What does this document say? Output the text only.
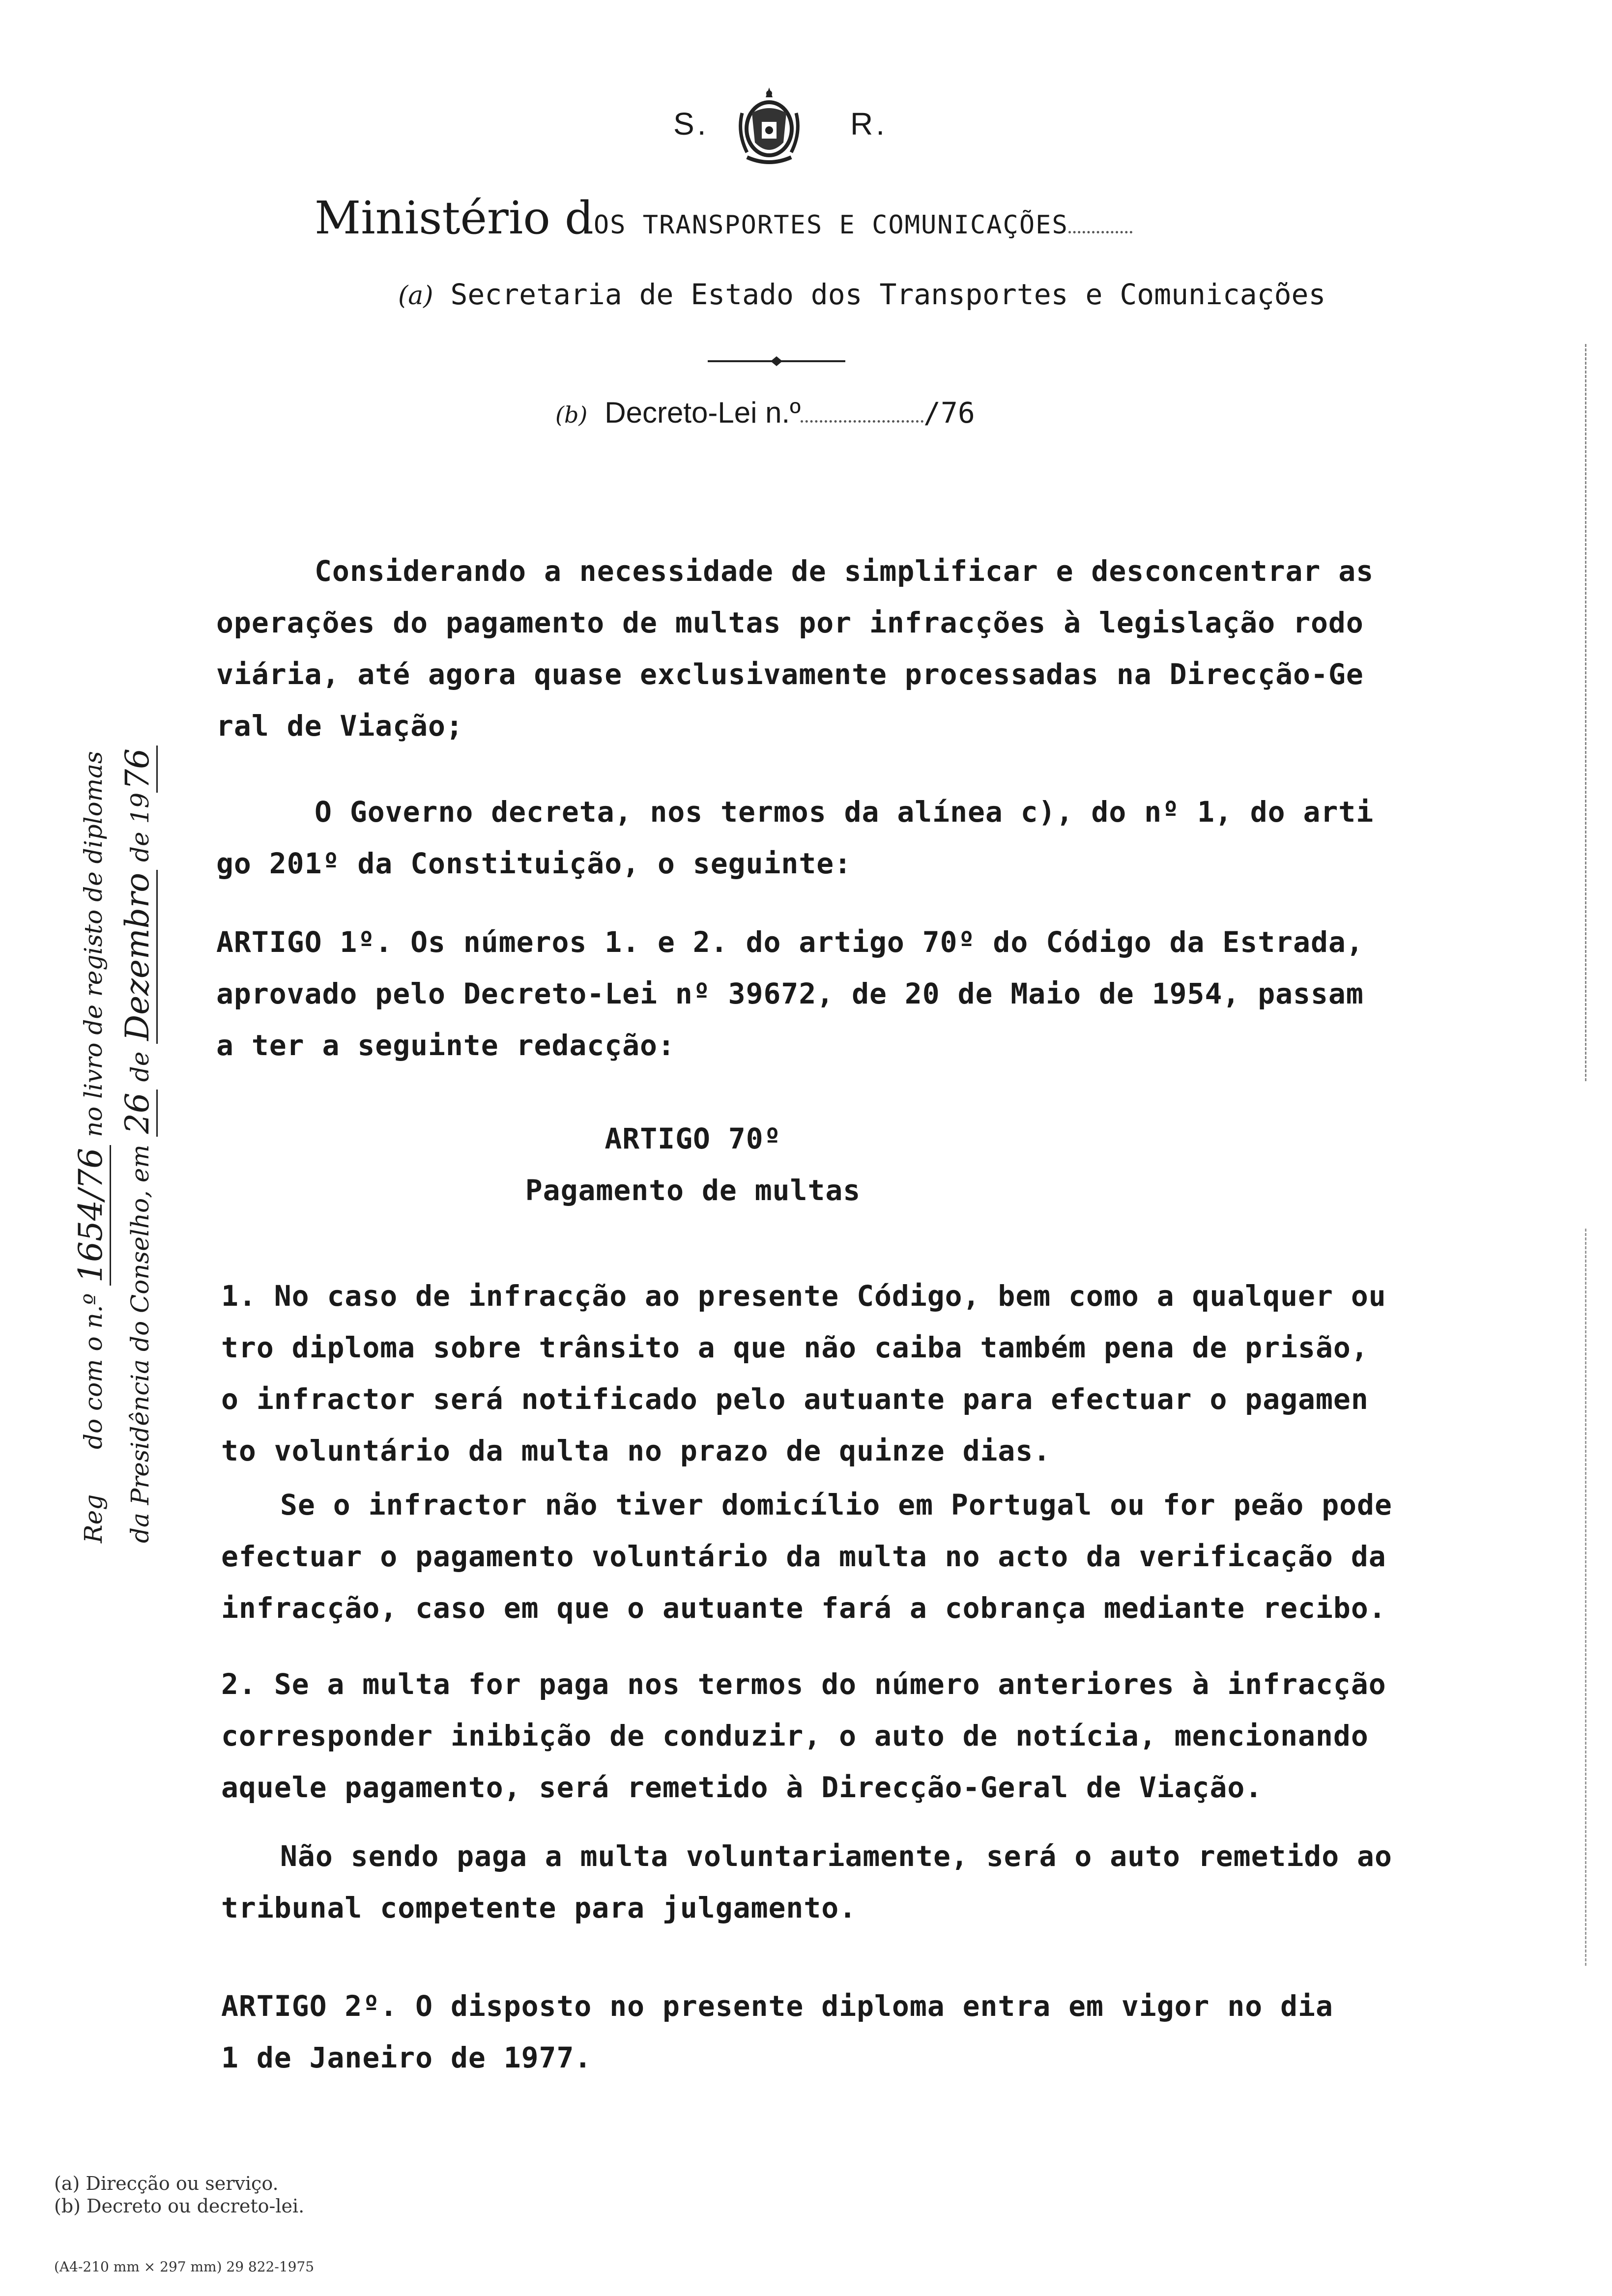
S.	R.
Ministério dOS TRANSPORTES E COMUNICAÇÕES
(a) Secretaria de Estado dos Transportes e Comunicações
(b) Decreto-Lei n.º	/76
Considerando a necessidade de simplificar e desconcentrar as
operações do pagamento de multas por infracções à legislação rodo
viária, até agora quase exclusivamente processadas na Direcção-Ge
ral de Viação;
O Governo decreta, nos termos da alínea c), do nº 1, do arti
go 201º da Constituição, o seguinte:
ARTIGO 1º. Os números 1. e 2. do artigo 70º do Código da Estrada,
aprovado pelo Decreto-Lei nº 39672, de 20 de Maio de 1954, passam
a ter a seguinte redacção:
ARTIGO 70º
Pagamento de multas
1. No caso de infracção ao presente Código, bem como a qualquer ou
tro diploma sobre trânsito a que não caiba também pena de prisão,
o infractor será notificado pelo autuante para efectuar o pagamen
to voluntário da multa no prazo de quinze dias.
Se o infractor não tiver domicílio em Portugal ou for peão pode
efectuar o pagamento voluntário da multa no acto da verificação da
infracção, caso em que o autuante fará a cobrança mediante recibo.
2. Se a multa for paga nos termos do número anteriores à infracção
corresponder inibição de conduzir, o auto de notícia, mencionando
aquele pagamento, será remetido à Direcção-Geral de Viação.
Não sendo paga a multa voluntariamente, será o auto remetido ao
tribunal competente para julgamento.
ARTIGO 2º. O disposto no presente diploma entra em vigor no dia
1 de Janeiro de 1977.
Reg  do com o n.º 1654/76 no livro de registo de diplomas
da Presidência do Conselho, em 26 de Dezembro de 1976
(a) Direcção ou serviço.
(b) Decreto ou decreto-lei.
(A4-210 mm × 297 mm) 29 822-1975
